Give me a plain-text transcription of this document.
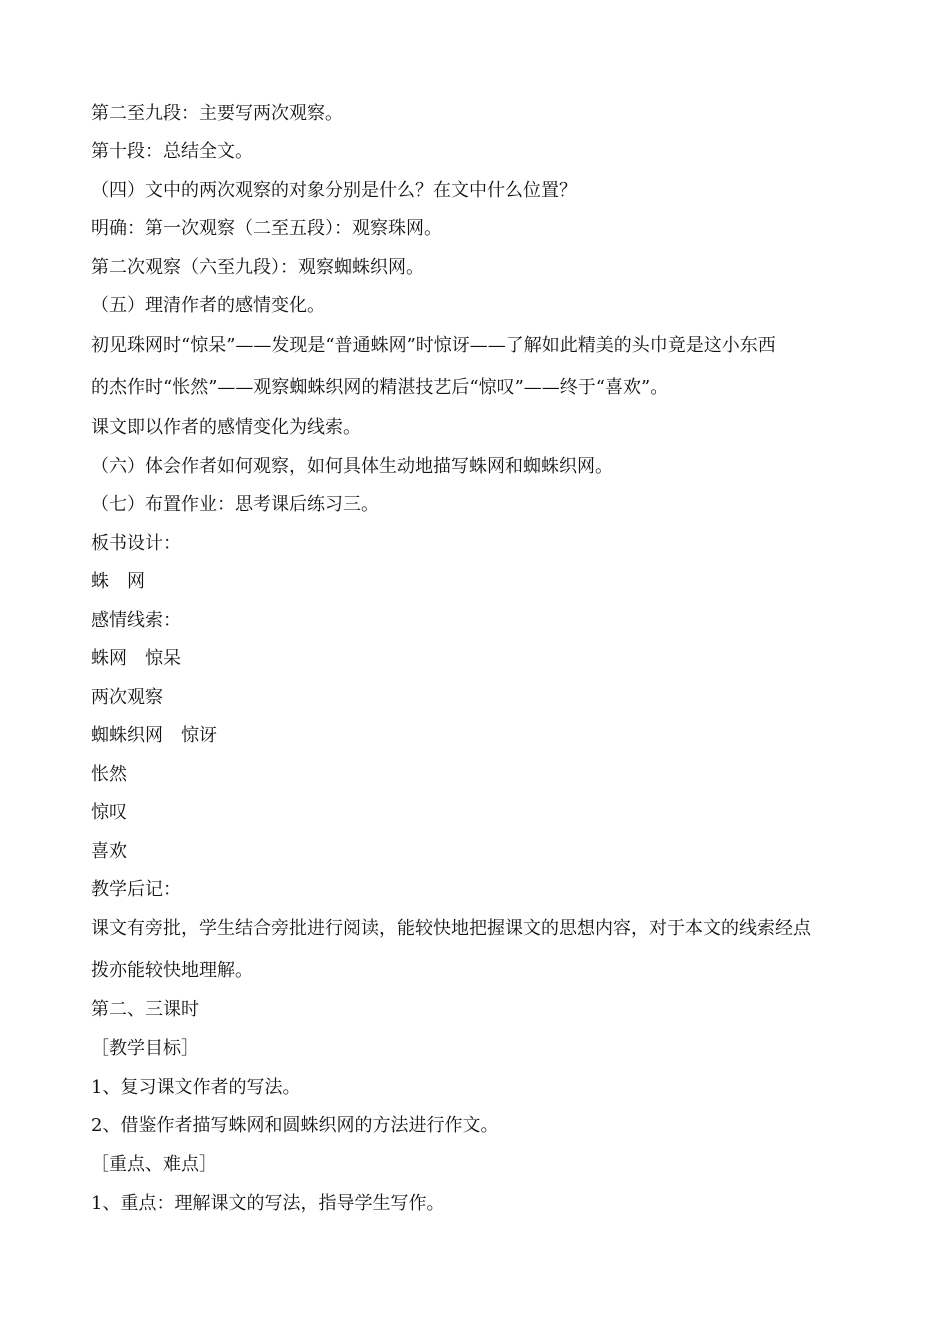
第二至九段：主要写两次观察。
第十段：总结全文。
（四）文中的两次观察的对象分别是什么？在文中什么位置？
明确：第一次观察（二至五段）：观察珠网。
第二次观察（六至九段）：观察蜘蛛织网。
（五）理清作者的感情变化。
初见珠网时“惊呆”——发现是“普通蛛网”时惊讶——了解如此精美的头巾竟是这小东西
的杰作时“怅然”——观察蜘蛛织网的精湛技艺后“惊叹”——终于“喜欢”。
课文即以作者的感情变化为线索。
（六）体会作者如何观察，如何具体生动地描写蛛网和蜘蛛织网。
（七）布置作业：思考课后练习三。
板书设计：
蛛　网
感情线索：
蛛网　惊呆
两次观察
蜘蛛织网　惊讶
怅然
惊叹
喜欢
教学后记：
课文有旁批，学生结合旁批进行阅读，能较快地把握课文的思想内容，对于本文的线索经点
拨亦能较快地理解。
第二、三课时
［教学目标］
1、复习课文作者的写法。
2、借鉴作者描写蛛网和圆蛛织网的方法进行作文。
［重点、难点］
1、重点：理解课文的写法，指导学生写作。
